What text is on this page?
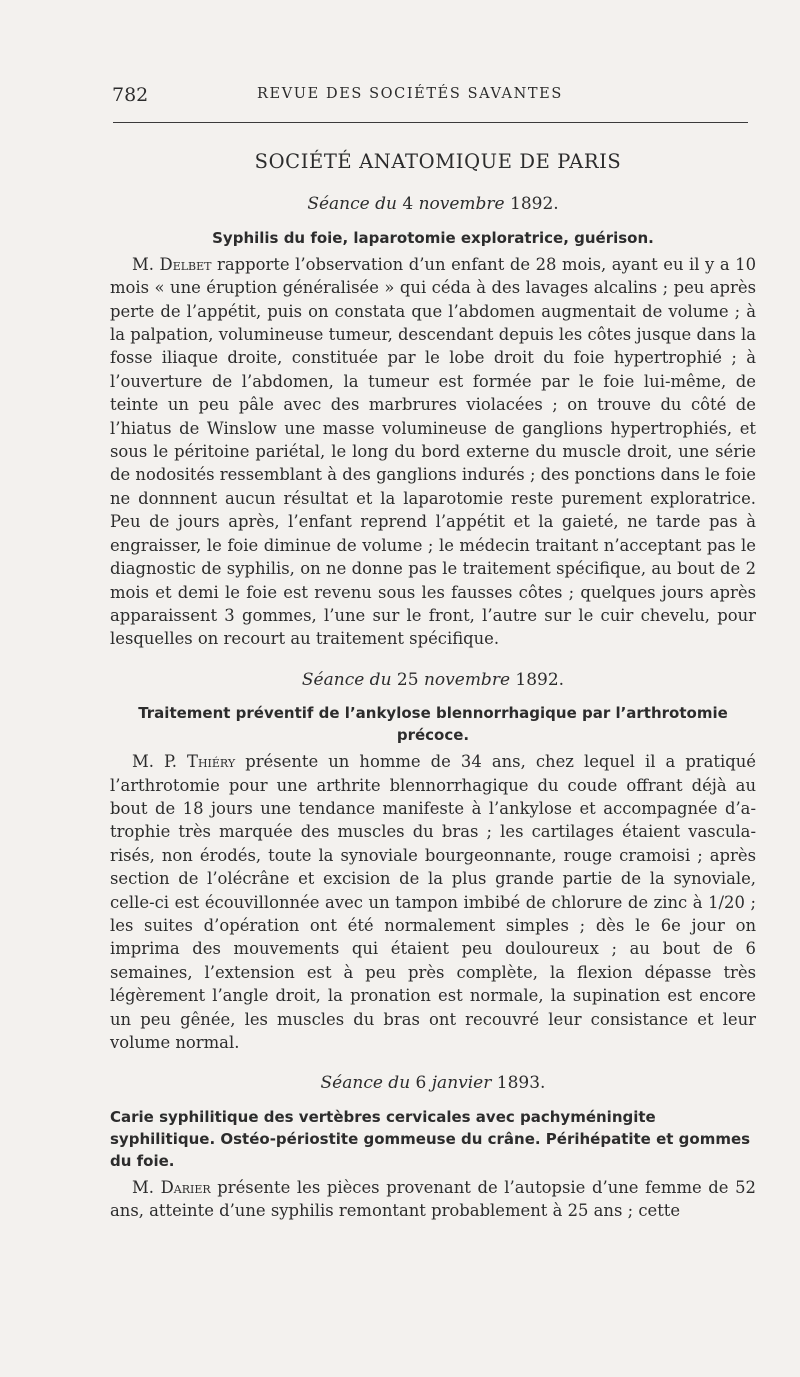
782	REVUE DES SOCIÉTÉS SAVANTES
SOCIÉTÉ ANATOMIQUE DE PARIS
Séance du 4 novembre 1892.
Syphilis du foie, laparotomie exploratrice, guérison.

M. Delbet rapporte l’observation d’un enfant de 28 mois, ayant eu il y a 10 mois « une éruption généralisée » qui céda à des lavages alcalins ; peu après perte de l’appétit, puis on constata que l’abdomen augmentait de volume ; à la palpation, volumineuse tumeur, descendant depuis les côtes jusque dans la fosse iliaque droite, constituée par le lobe droit du foie hypertrophié ; à l’ouverture de l’abdomen, la tumeur est formée par le foie lui-même, de teinte un peu pâle avec des marbrures violacées ; on trouve du côté de l’hiatus de Winslow une masse volumineuse de ganglions hypertrophiés, et sous le péritoine pariétal, le long du bord externe du muscle droit, une série de nodosités ressemblant à des ganglions indurés ; des ponctions dans le foie ne donnnent aucun résultat et la laparotomie reste purement exploratrice. Peu de jours après, l’enfant reprend l’appétit et la gaieté, ne tarde pas à engraisser, le foie diminue de volume ; le médecin traitant n’acceptant pas le diagnostic de syphilis, on ne donne pas le traitement spécifique, au bout de 2 mois et demi le foie est revenu sous les fausses côtes ; quelques jours après apparaissent 3 gommes, l’une sur le front, l’autre sur le cuir chevelu, pour lesquelles on recourt au traitement spécifique.

Séance du 25 novembre 1892.
Traitement préventif de l’ankylose blennorrhagique par l’arthrotomie précoce.

M. P. Thiéry présente un homme de 34 ans, chez lequel il a pratiqué l’arthrotomie pour une arthrite blennorrhagique du coude offrant déjà au bout de 18 jours une tendance manifeste à l’ankylose et accompagnée d’atrophie très marquée des muscles du bras ; les cartilages étaient vascularisés, non érodés, toute la synoviale bourgeonnante, rouge cramoisi ; après section de l’olécrâne et excision de la plus grande partie de la synoviale, celle-ci est écouvillonnée avec un tampon imbibé de chlorure de zinc à 1/20 ; les suites d’opération ont été normalement simples ; dès le 6e jour on imprima des mouvements qui étaient peu douloureux ; au bout de 6 semaines, l’extension est à peu près complète, la flexion dépasse très légèrement l’angle droit, la pronation est normale, la supination est encore un peu gênée, les muscles du bras ont recouvré leur consistance et leur volume normal.

Séance du 6 janvier 1893.
Carie syphilitique des vertèbres cervicales avec pachyméningite syphilitique. Ostéo-périostite gommeuse du crâne. Périhépatite et gommes du foie.

M. Darier présente les pièces provenant de l’autopsie d’une femme de 52 ans, atteinte d’une syphilis remontant probablement à 25 ans ; cette
